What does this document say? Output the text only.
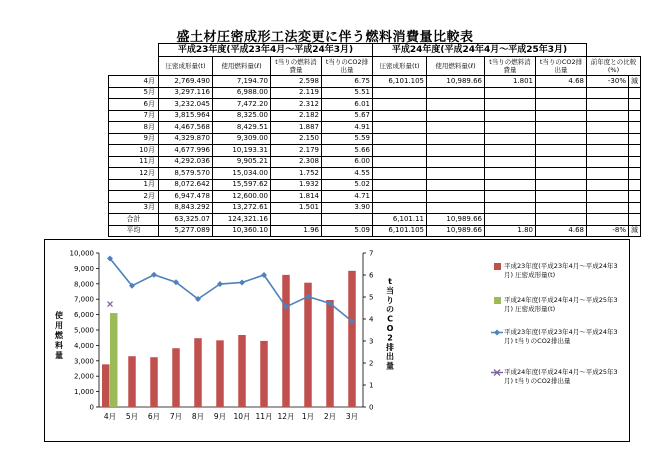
盛土材圧密成形工法変更に伴う燃料消費量比較表
	平成23年度(平成23年4月～平成24年3月)				平成24年度(平成24年4月～平成25年3月)					
	圧密成形量(t)	使用燃料量(ℓ)	t当りの燃料消費量	t当りのCO2排出量	圧密成形量(t)	使用燃料量(ℓ)	t当りの燃料消費量	t当りのCO2排出量	前年度との比較(%)	
4月	2,769.490	7,194.70	2.598	6.75	6,101.105	10,989.66	1.801	4.68	-30%	減
5月	3,297.116	6,988.00	2.119	5.51						
6月	3,232.045	7,472.20	2.312	6.01						
7月	3,815.964	8,325.00	2.182	5.67						
8月	4,467.568	8,429.51	1.887	4.91						
9月	4,329.870	9,309.00	2.150	5.59						
10月	4,677.996	10,193.31	2.179	5.66						
11月	4,292.036	9,905.21	2.308	6.00						
12月	8,579.570	15,034.00	1.752	4.55						
1月	8,072.642	15,597.62	1.932	5.02						
2月	6,947.478	12,600.00	1.814	4.71						
3月	8,843.292	13,272.61	1.501	3.90						
合計	63,325.07	124,321.16			6,101.11	10,989.66				
平均	5,277.089	10,360.10	1.96	5.09	6,101.105	10,989.66	1.80	4.68	-8%	減
0
1,000
2,000
3,000
4,000
5,000
6,000
7,000
8,000
9,000
10,000
0
1
2
3
4
5
6
7
4月 5月 6月 7月 8月 9月 10月 11月 12月 1月 2月 3月
使用燃料量
t 当りの C O 2 排出量
平成23年度(平成23年4月～平成24年3月) 圧密成形量(t)
平成24年度(平成24年4月～平成25年3月) 圧密成形量(t)
平成23年度(平成23年4月～平成24年3月) t当りのCO2排出量
平成24年度(平成24年4月～平成25年3月) t当りのCO2排出量
